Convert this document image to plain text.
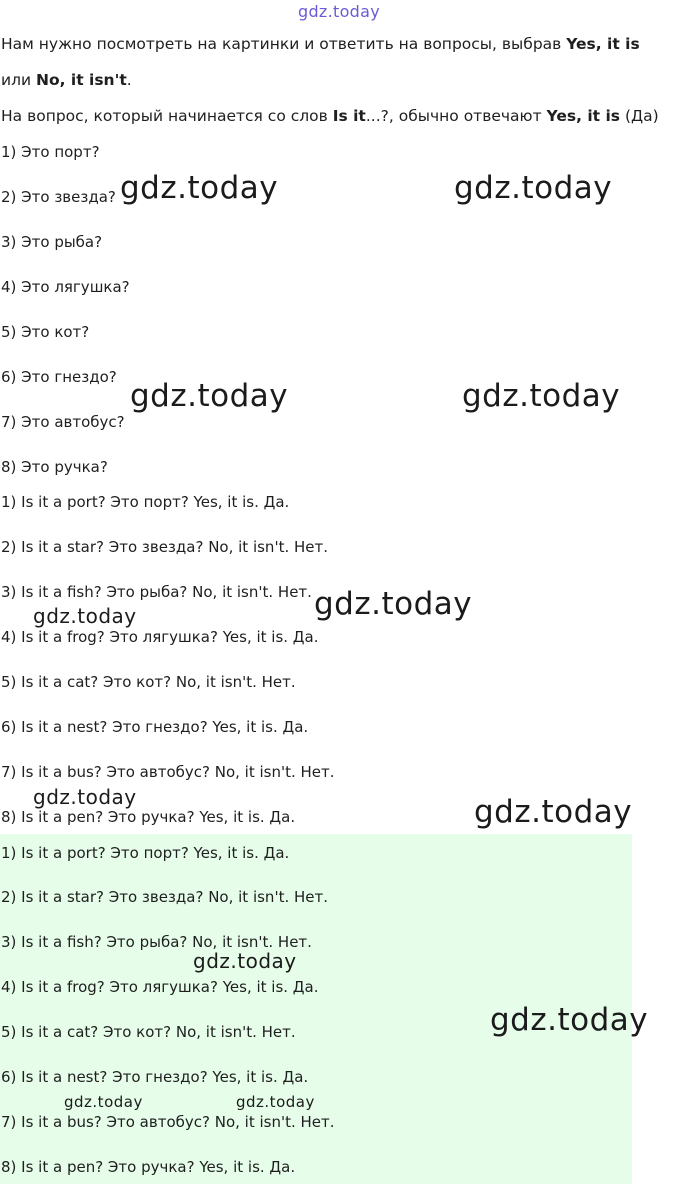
gdz.today
Нам нужно посмотреть на картинки и ответить на вопросы, выбрав Yes, it is
или No, it isn't.
На вопрос, который начинается со слов Is it...?, обычно отвечают Yes, it is (Да)
1) Это порт?
2) Это звезда?
3) Это рыба?
4) Это лягушка?
5) Это кот?
6) Это гнездо?
7) Это автобус?
8) Это ручка?
1) Is it a port? Это порт? Yes, it is. Да.
2) Is it a star? Это звезда? No, it isn't. Нет.
3) Is it a fish? Это рыба? No, it isn't. Нет.
4) Is it a frog? Это лягушка? Yes, it is. Да.
5) Is it a cat? Это кот? No, it isn't. Нет.
6) Is it a nest? Это гнездо? Yes, it is. Да.
7) Is it a bus? Это автобус? No, it isn't. Нет.
8) Is it a pen? Это ручка? Yes, it is. Да.
1) Is it a port? Это порт? Yes, it is. Да.
2) Is it a star? Это звезда? No, it isn't. Нет.
3) Is it a fish? Это рыба? No, it isn't. Нет.
4) Is it a frog? Это лягушка? Yes, it is. Да.
5) Is it a cat? Это кот? No, it isn't. Нет.
6) Is it a nest? Это гнездо? Yes, it is. Да.
7) Is it a bus? Это автобус? No, it isn't. Нет.
8) Is it a pen? Это ручка? Yes, it is. Да.
gdz.today	gdz.today
gdz.today	gdz.today
gdz.today
gdz.today
gdz.today	gdz.today
gdz.today
gdz.today
gdz.today	gdz.today
